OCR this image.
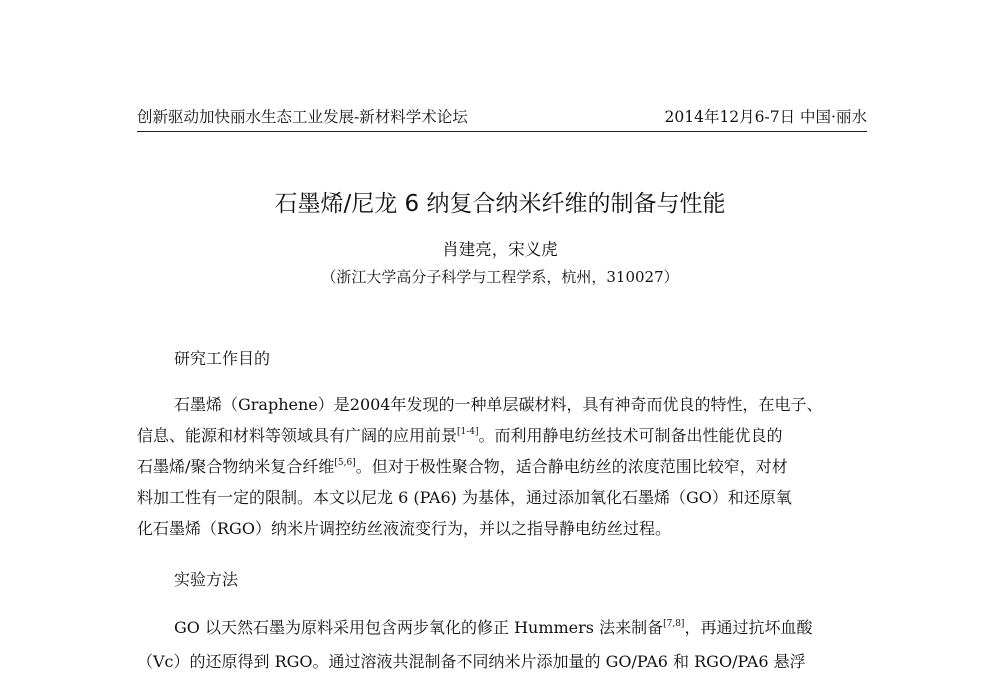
创新驱动加快丽水生态工业发展-新材料学术论坛	2014年12月6-7日 中国·丽水
石墨烯/尼龙 6 纳复合纳米纤维的制备与性能
肖建亮，宋义虎
（浙江大学高分子科学与工程学系，杭州，310027）
研究工作目的
石墨烯（Graphene）是2004年发现的一种单层碳材料，具有神奇而优良的特性，在电子、
信息、能源和材料等领域具有广阔的应用前景[1-4]。而利用静电纺丝技术可制备出性能优良的
石墨烯/聚合物纳米复合纤维[5,6]。但对于极性聚合物，适合静电纺丝的浓度范围比较窄，对材
料加工性有一定的限制。本文以尼龙 6 (PA6) 为基体，通过添加氧化石墨烯（GO）和还原氧
化石墨烯（RGO）纳米片调控纺丝液流变行为，并以之指导静电纺丝过程。
实验方法
GO 以天然石墨为原料采用包含两步氧化的修正 Hummers 法来制备[7,8]，再通过抗坏血酸
（Vc）的还原得到 RGO。通过溶液共混制备不同纳米片添加量的 GO/PA6 和 RGO/PA6 悬浮
